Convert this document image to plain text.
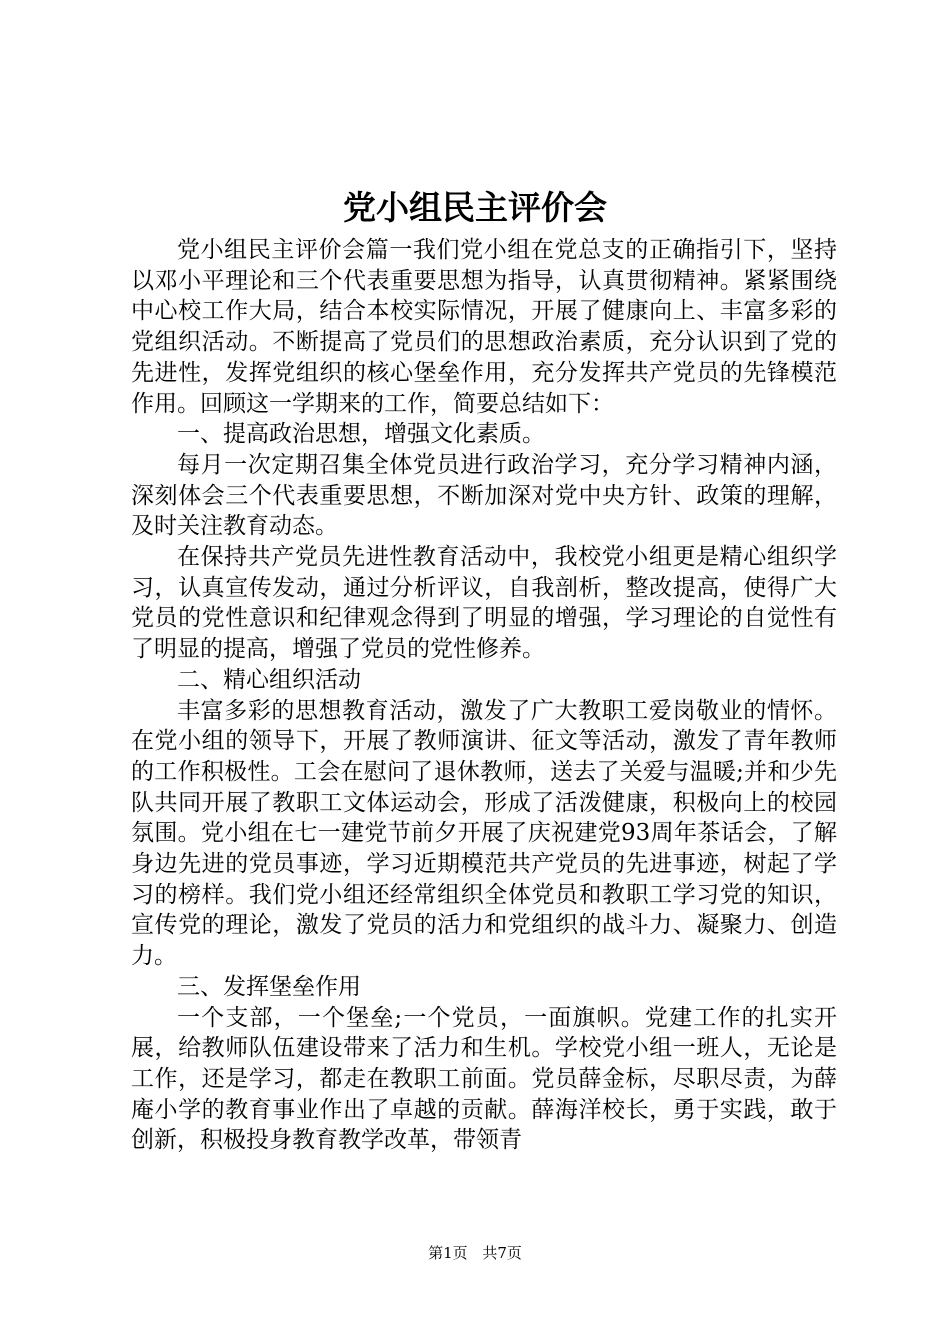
党小组民主评价会

党小组民主评价会篇一我们党小组在党总支的正确指引下，坚持以邓小平理论和三个代表重要思想为指导，认真贯彻精神。紧紧围绕中心校工作大局，结合本校实际情况，开展了健康向上、丰富多彩的党组织活动。不断提高了党员们的思想政治素质，充分认识到了党的先进性，发挥党组织的核心堡垒作用，充分发挥共产党员的先锋模范作用。回顾这一学期来的工作，简要总结如下：

一、提高政治思想，增强文化素质。

每月一次定期召集全体党员进行政治学习，充分学习精神内涵，深刻体会三个代表重要思想，不断加深对党中央方针、政策的理解，及时关注教育动态。

在保持共产党员先进性教育活动中，我校党小组更是精心组织学习，认真宣传发动，通过分析评议，自我剖析，整改提高，使得广大党员的党性意识和纪律观念得到了明显的增强，学习理论的自觉性有了明显的提高，增强了党员的党性修养。

二、精心组织活动

丰富多彩的思想教育活动，激发了广大教职工爱岗敬业的情怀。在党小组的领导下，开展了教师演讲、征文等活动，激发了青年教师的工作积极性。工会在慰问了退休教师，送去了关爱与温暖;并和少先队共同开展了教职工文体运动会，形成了活泼健康，积极向上的校园氛围。党小组在七一建党节前夕开展了庆祝建党93周年茶话会，了解身边先进的党员事迹，学习近期模范共产党员的先进事迹，树起了学习的榜样。我们党小组还经常组织全体党员和教职工学习党的知识，宣传党的理论，激发了党员的活力和党组织的战斗力、凝聚力、创造力。

三、发挥堡垒作用

一个支部，一个堡垒;一个党员，一面旗帜。党建工作的扎实开展，给教师队伍建设带来了活力和生机。学校党小组一班人，无论是工作，还是学习，都走在教职工前面。党员薛金标，尽职尽责，为薛庵小学的教育事业作出了卓越的贡献。薛海洋校长，勇于实践，敢于创新，积极投身教育教学改革，带领青

第1页 共7页
